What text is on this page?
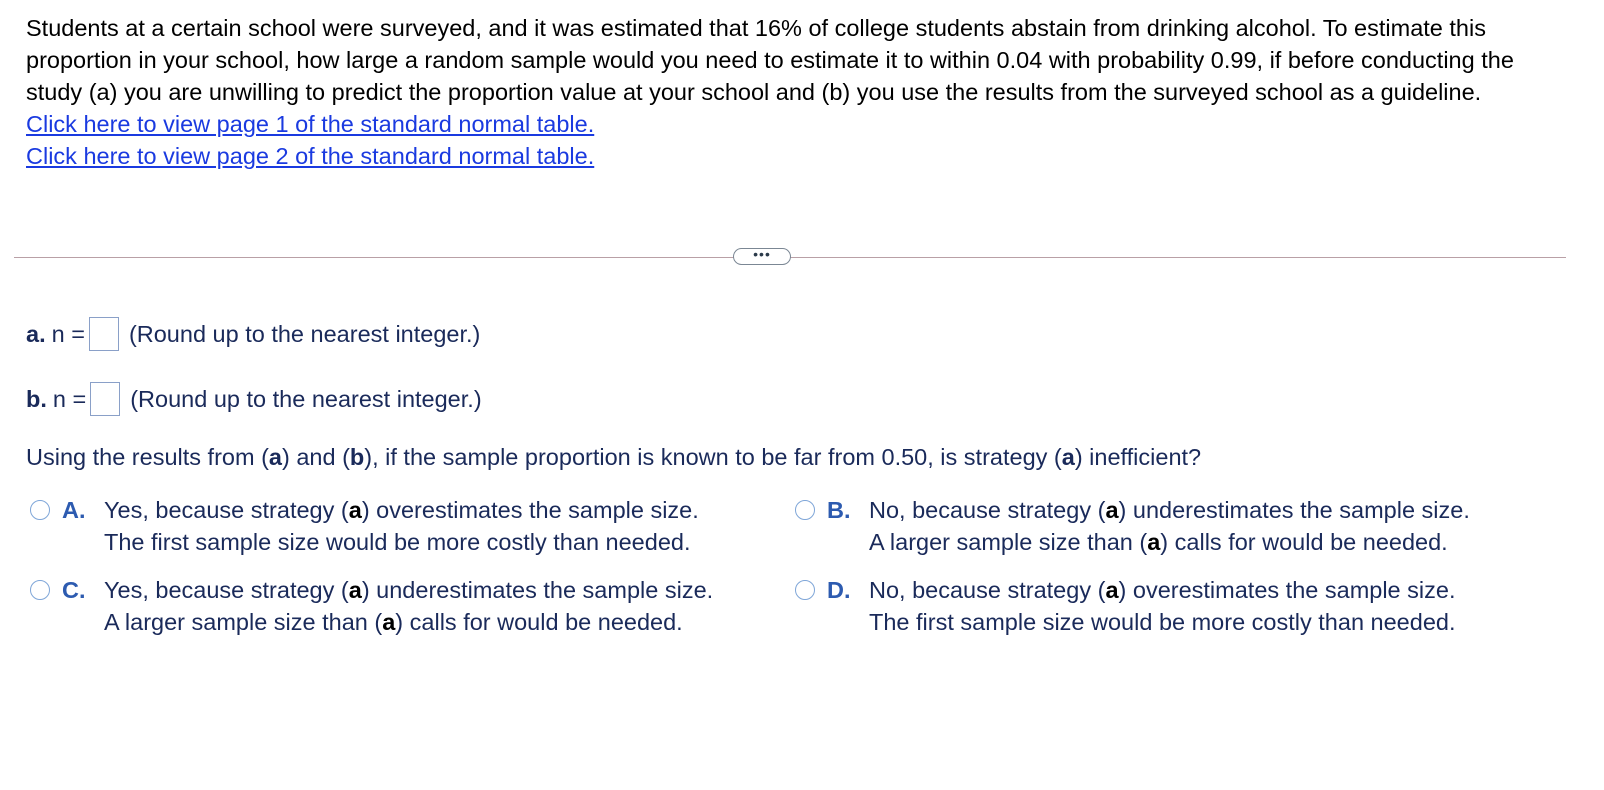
Students at a certain school were surveyed, and it was estimated that 16% of college students abstain from drinking alcohol. To estimate this proportion in your school, how large a random sample would you need to estimate it to within 0.04 with probability 0.99, if before conducting the study (a) you are unwilling to predict the proportion value at your school and (b) you use the results from the surveyed school as a guideline.

Click here to view page 1 of the standard normal table.
Click here to view page 2 of the standard normal table.
•••
a. n = (Round up to the nearest integer.)
b. n = (Round up to the nearest integer.)
Using the results from (a) and (b), if the sample proportion is known to be far from 0.50, is strategy (a) inefficient?
A. Yes, because strategy (a) overestimates the sample size.
The first sample size would be more costly than needed.
B. No, because strategy (a) underestimates the sample size.
A larger sample size than (a) calls for would be needed.
C. Yes, because strategy (a) underestimates the sample size.
A larger sample size than (a) calls for would be needed.
D. No, because strategy (a) overestimates the sample size.
The first sample size would be more costly than needed.
